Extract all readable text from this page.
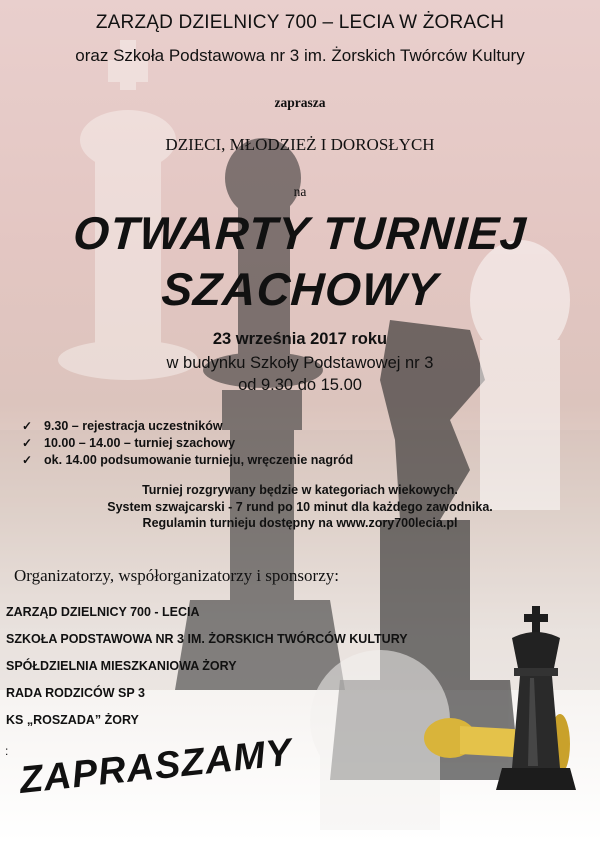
ZARZĄD DZIELNICY 700 – LECIA W ŻORACH
oraz Szkoła Podstawowa nr 3 im. Żorskich Twórców Kultury
zaprasza
DZIECI, MŁODZIEŻ I DOROSŁYCH
na
OTWARTY TURNIEJ
SZACHOWY
23 września 2017 roku
w budynku Szkoły Podstawowej nr 3
od 9.30 do 15.00
✓ 9.30 – rejestracja uczestników
✓ 10.00 – 14.00 – turniej szachowy
✓ ok. 14.00 podsumowanie turnieju, wręczenie nagród
Turniej rozgrywany będzie w kategoriach wiekowych.
System szwajcarski - 7 rund po 10 minut dla każdego zawodnika.
Regulamin turnieju dostępny na www.zory700lecia.pl
Organizatorzy, współorganizatorzy i sponsorzy:
ZARZĄD DZIELNICY 700 - LECIA
SZKOŁA PODSTAWOWA NR 3 IM. ŻORSKICH TWÓRCÓW KULTURY
SPÓŁDZIELNIA MIESZKANIOWA ŻORY
RADA RODZICÓW SP 3
KS „ROSZADA” ŻORY
: ZAPRASZAMY
